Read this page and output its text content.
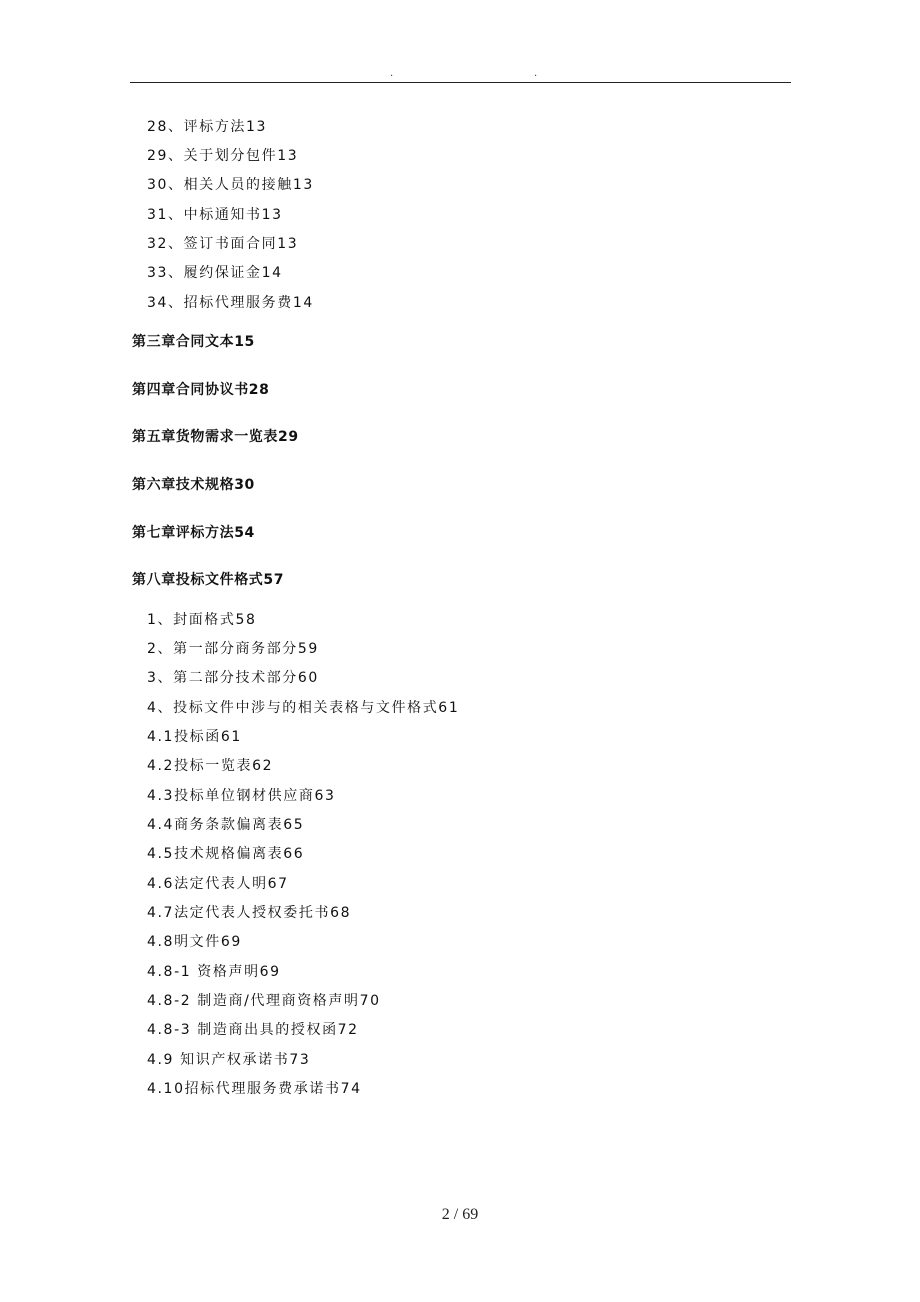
.	.
28、评标方法13
29、关于划分包件13
30、相关人员的接触13
31、中标通知书13
32、签订书面合同13
33、履约保证金14
34、招标代理服务费14
第三章合同文本15
第四章合同协议书28
第五章货物需求一览表29
第六章技术规格30
第七章评标方法54
第八章投标文件格式57
1、封面格式58
2、第一部分商务部分59
3、第二部分技术部分60
4、投标文件中涉与的相关表格与文件格式61
4.1投标函61
4.2投标一览表62
4.3投标单位钢材供应商63
4.4商务条款偏离表65
4.5技术规格偏离表66
4.6法定代表人明67
4.7法定代表人授权委托书68
4.8明文件69
4.8-1 资格声明69
4.8-2 制造商/代理商资格声明70
4.8-3 制造商出具的授权函72
4.9 知识产权承诺书73
4.10招标代理服务费承诺书74
2 / 69
